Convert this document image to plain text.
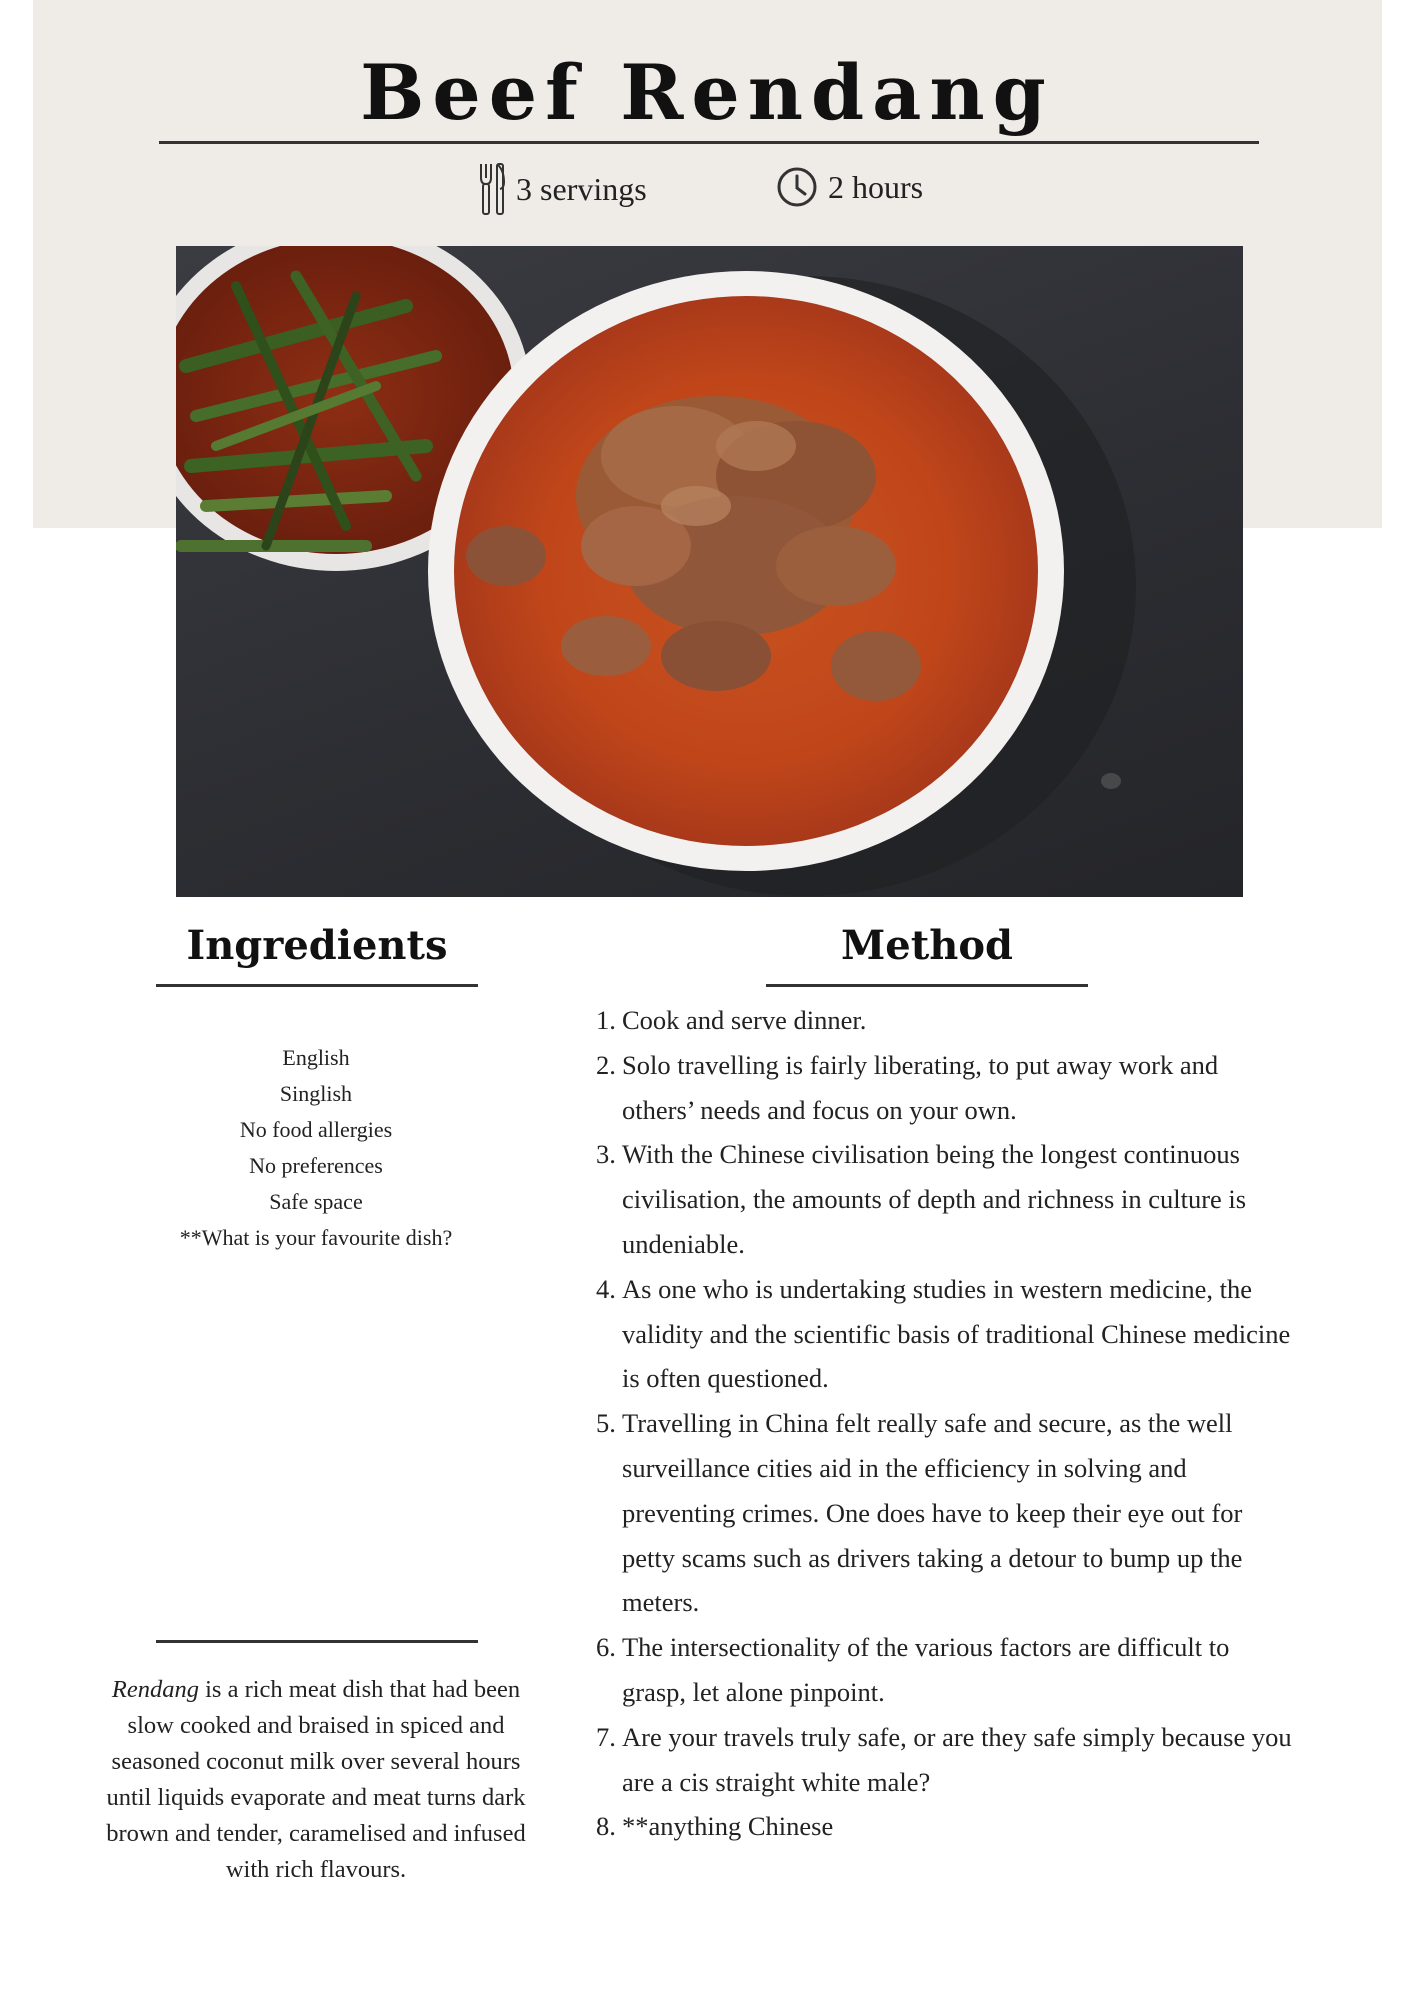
Beef Rendang
3 servings	2 hours
Ingredients	Method
English
Singlish
No food allergies
No preferences
Safe space
**What is your favourite dish?

Rendang is a rich meat dish that had been slow cooked and braised in spiced and seasoned coconut milk over several hours until liquids evaporate and meat turns dark brown and tender, caramelised and infused with rich flavours.

1. Cook and serve dinner.
2. Solo travelling is fairly liberating, to put away work and others’ needs and focus on your own.
3. With the Chinese civilisation being the longest continuous civilisation, the amounts of depth and richness in culture is undeniable.
4. As one who is undertaking studies in western medicine, the validity and the scientific basis of traditional Chinese medicine is often questioned.
5. Travelling in China felt really safe and secure, as the well surveillance cities aid in the efficiency in solving and preventing crimes. One does have to keep their eye out for petty scams such as drivers taking a detour to bump up the meters.
6. The intersectionality of the various factors are difficult to grasp, let alone pinpoint.
7. Are your travels truly safe, or are they safe simply because you are a cis straight white male?
8. **anything Chinese
